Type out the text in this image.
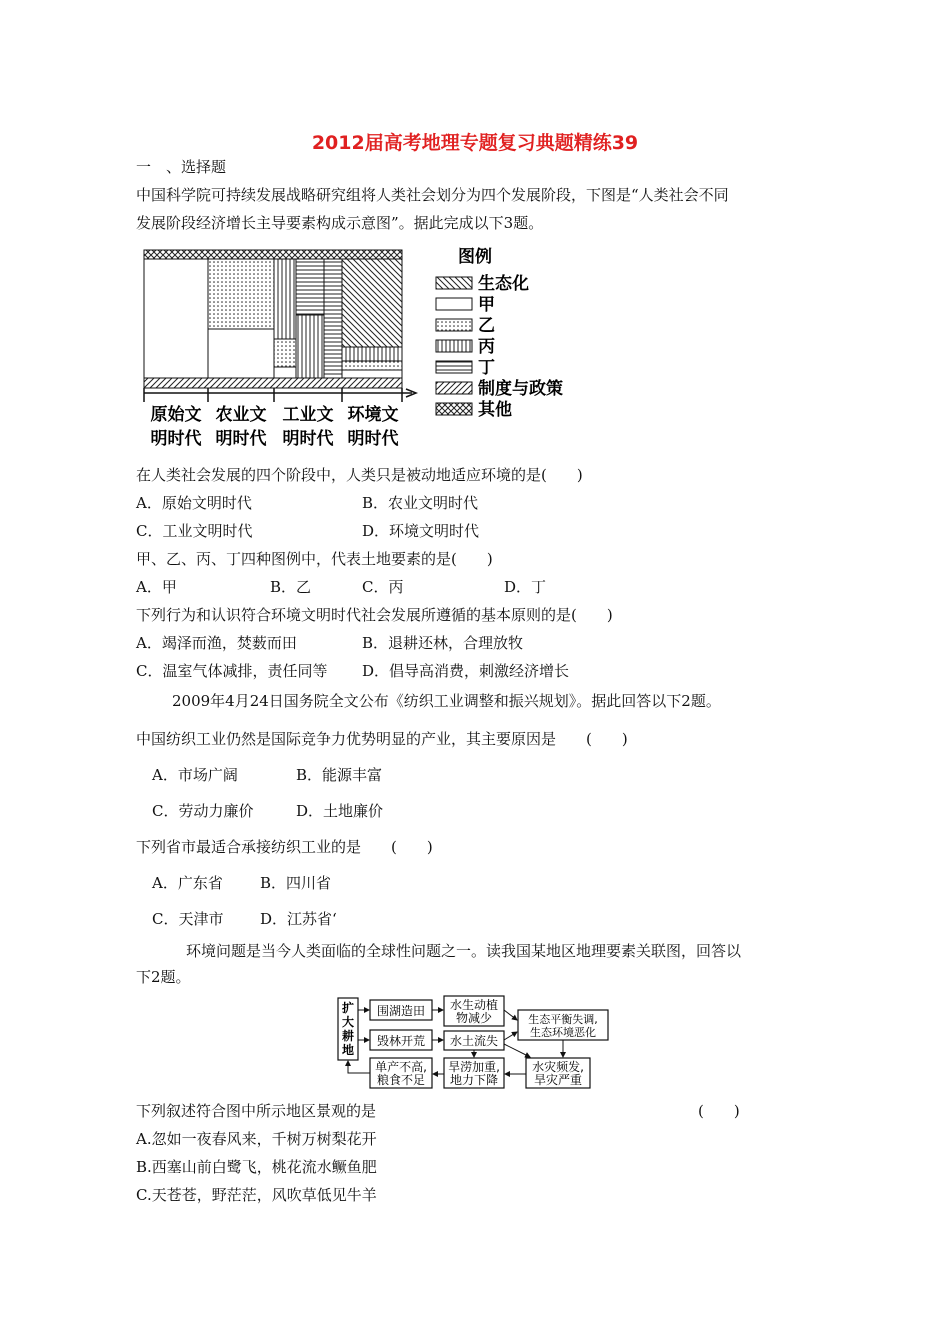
2012届高考地理专题复习典题精练39
一　、选择题
中国科学院可持续发展战略研究组将人类社会划分为四个发展阶段，下图是“人类社会不同
发展阶段经济增长主导要素构成示意图”。据此完成以下3题。
原始文
明时代
农业文
明时代
工业文
明时代
环境文
明时代
图例
生态化
甲
乙
丙
丁
制度与政策
其他
在人类社会发展的四个阶段中，人类只是被动地适应环境的是(　　)
A．原始文明时代	B．农业文明时代
C．工业文明时代	D．环境文明时代
甲、乙、丙、丁四种图例中，代表土地要素的是(　　)
A．甲	B．乙	C．丙	D．丁
下列行为和认识符合环境文明时代社会发展所遵循的基本原则的是(　　)
A．竭泽而渔，焚薮而田	B．退耕还林，合理放牧
C．温室气体减排，责任同等 D．倡导高消费，刺激经济增长
2009年4月24日国务院全文公布《纺织工业调整和振兴规划》。据此回答以下2题。
中国纺织工业仍然是国际竞争力优势明显的产业，其主要原因是　　(　　)
A．市场广阔	B．能源丰富
C．劳动力廉价	D．土地廉价
下列省市最适合承接纺织工业的是　　(　　)
A．广东省 B．四川省
C．天津市 D．江苏省‘
环境问题是当今人类面临的全球性问题之一。读我国某地区地理要素关联图，回答以
下2题。
扩
大
耕
地
围湖造田
毁林开荒
水生动植
物减少
水土流失
生态平衡失调,
生态环境恶化
单产不高,
粮食不足
旱涝加重,
地力下降
水灾频发,
旱灾严重
下列叙述符合图中所示地区景观的是	(　　)
A.忽如一夜春风来，千树万树梨花开
B.西塞山前白鹭飞，桃花流水鳜鱼肥
C.天苍苍，野茫茫，风吹草低见牛羊
